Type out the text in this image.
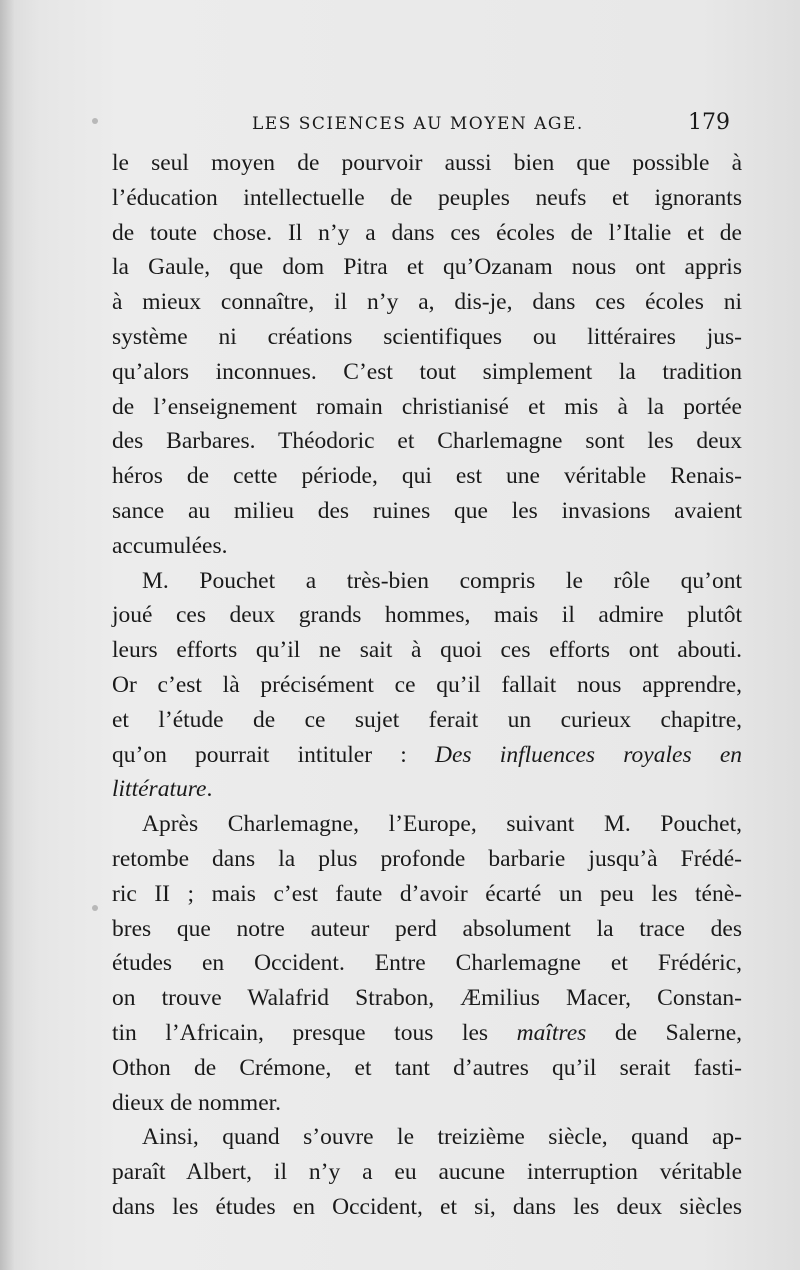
LES SCIENCES AU MOYEN AGE.	179
le seul moyen de pourvoir aussi bien que possible à
l’éducation intellectuelle de peuples neufs et ignorants
de toute chose. Il n’y a dans ces écoles de l’Italie et de
la Gaule, que dom Pitra et qu’Ozanam nous ont appris
à mieux connaître, il n’y a, dis-je, dans ces écoles ni
système ni créations scientifiques ou littéraires jus-
qu’alors inconnues. C’est tout simplement la tradition
de l’enseignement romain christianisé et mis à la portée
des Barbares. Théodoric et Charlemagne sont les deux
héros de cette période, qui est une véritable Renais-
sance au milieu des ruines que les invasions avaient
accumulées.
M. Pouchet a très-bien compris le rôle qu’ont
joué ces deux grands hommes, mais il admire plutôt
leurs efforts qu’il ne sait à quoi ces efforts ont abouti.
Or c’est là précisément ce qu’il fallait nous apprendre,
et l’étude de ce sujet ferait un curieux chapitre,
qu’on pourrait intituler : Des influences royales en
littérature.
Après Charlemagne, l’Europe, suivant M. Pouchet,
retombe dans la plus profonde barbarie jusqu’à Frédé-
ric II ; mais c’est faute d’avoir écarté un peu les ténè-
bres que notre auteur perd absolument la trace des
études en Occident. Entre Charlemagne et Frédéric,
on trouve Walafrid Strabon, Æmilius Macer, Constan-
tin l’Africain, presque tous les maîtres de Salerne,
Othon de Crémone, et tant d’autres qu’il serait fasti-
dieux de nommer.
Ainsi, quand s’ouvre le treizième siècle, quand ap-
paraît Albert, il n’y a eu aucune interruption véritable
dans les études en Occident, et si, dans les deux siècles
